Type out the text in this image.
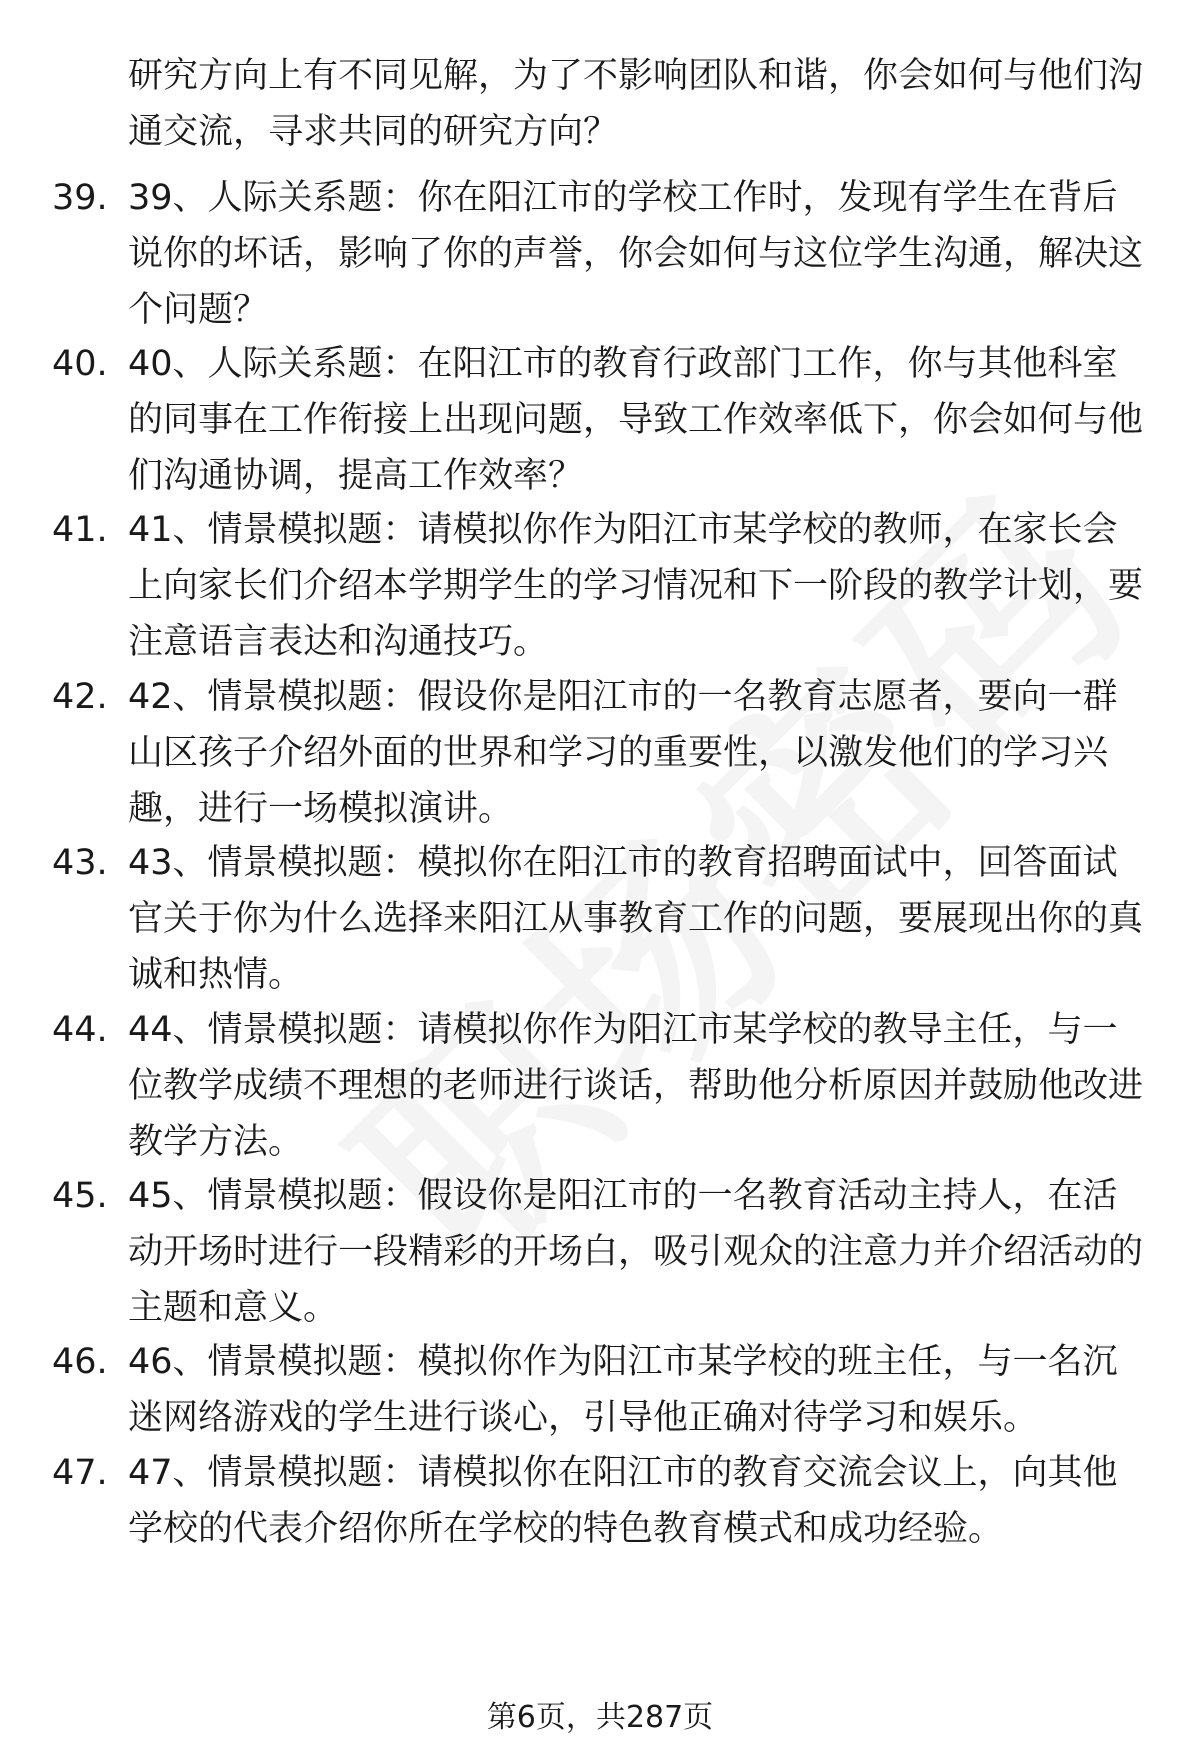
研究方向上有不同见解，为了不影响团队和谐，你会如何与他们沟通交流，寻求共同的研究方向？

39. 39、人际关系题：你在阳江市的学校工作时，发现有学生在背后说你的坏话，影响了你的声誉，你会如何与这位学生沟通，解决这个问题？

40. 40、人际关系题：在阳江市的教育行政部门工作，你与其他科室的同事在工作衔接上出现问题，导致工作效率低下，你会如何与他们沟通协调，提高工作效率？

41. 41、情景模拟题：请模拟你作为阳江市某学校的教师，在家长会上向家长们介绍本学期学生的学习情况和下一阶段的教学计划，要注意语言表达和沟通技巧。

42. 42、情景模拟题：假设你是阳江市的一名教育志愿者，要向一群山区孩子介绍外面的世界和学习的重要性，以激发他们的学习兴趣，进行一场模拟演讲。

43. 43、情景模拟题：模拟你在阳江市的教育招聘面试中，回答面试官关于你为什么选择来阳江从事教育工作的问题，要展现出你的真诚和热情。

44. 44、情景模拟题：请模拟你作为阳江市某学校的教导主任，与一位教学成绩不理想的老师进行谈话，帮助他分析原因并鼓励他改进教学方法。

45. 45、情景模拟题：假设你是阳江市的一名教育活动主持人，在活动开场时进行一段精彩的开场白，吸引观众的注意力并介绍活动的主题和意义。

46. 46、情景模拟题：模拟你作为阳江市某学校的班主任，与一名沉迷网络游戏的学生进行谈心，引导他正确对待学习和娱乐。

47. 47、情景模拟题：请模拟你在阳江市的教育交流会议上，向其他学校的代表介绍你所在学校的特色教育模式和成功经验。

第6页，共287页
